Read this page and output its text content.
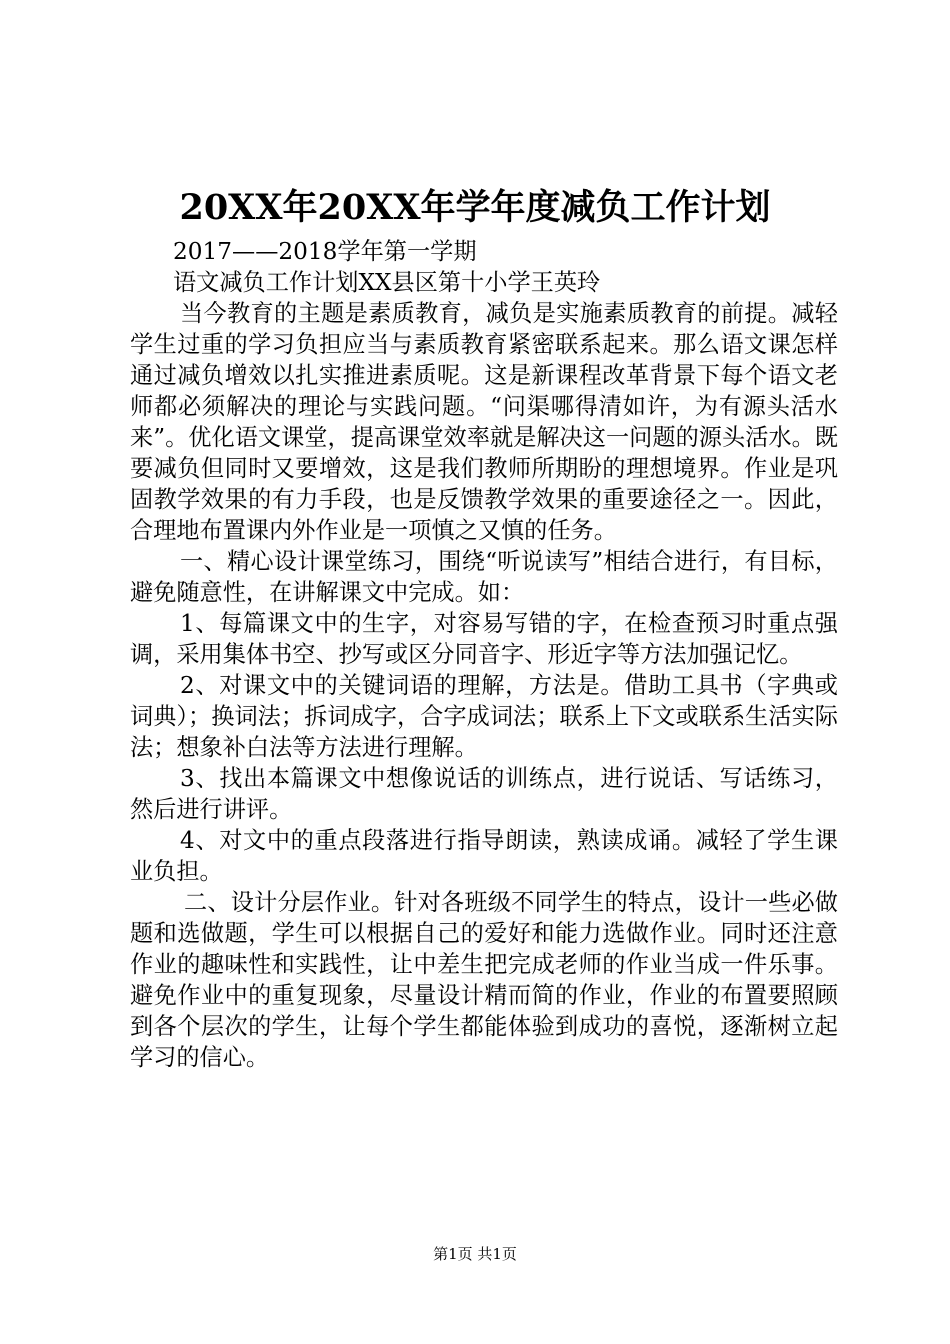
20XX年20XX年学年度减负工作计划

2017——2018学年第一学期

语文减负工作计划XX县区第十小学王英玲

当今教育的主题是素质教育，减负是实施素质教育的前提。减轻学生过重的学习负担应当与素质教育紧密联系起来。那么语文课怎样通过减负增效以扎实推进素质呢。这是新课程改革背景下每个语文老师都必须解决的理论与实践问题。“问渠哪得清如许，为有源头活水来”。优化语文课堂，提高课堂效率就是解决这一问题的源头活水。既要减负但同时又要增效，这是我们教师所期盼的理想境界。作业是巩固教学效果的有力手段，也是反馈教学效果的重要途径之一。因此，合理地布置课内外作业是一项慎之又慎的任务。

一、精心设计课堂练习，围绕“听说读写”相结合进行，有目标，避免随意性，在讲解课文中完成。如：

1、每篇课文中的生字，对容易写错的字，在检查预习时重点强调，采用集体书空、抄写或区分同音字、形近字等方法加强记忆。

2、对课文中的关键词语的理解，方法是。借助工具书（字典或词典）；换词法；拆词成字，合字成词法；联系上下文或联系生活实际法；想象补白法等方法进行理解。

3、找出本篇课文中想像说话的训练点，进行说话、写话练习，然后进行讲评。

4、对文中的重点段落进行指导朗读，熟读成诵。减轻了学生课业负担。

二、设计分层作业。针对各班级不同学生的特点，设计一些必做题和选做题，学生可以根据自己的爱好和能力选做作业。同时还注意作业的趣味性和实践性，让中差生把完成老师的作业当成一件乐事。避免作业中的重复现象，尽量设计精而简的作业，作业的布置要照顾到各个层次的学生，让每个学生都能体验到成功的喜悦，逐渐树立起学习的信心。

第1页 共1页
